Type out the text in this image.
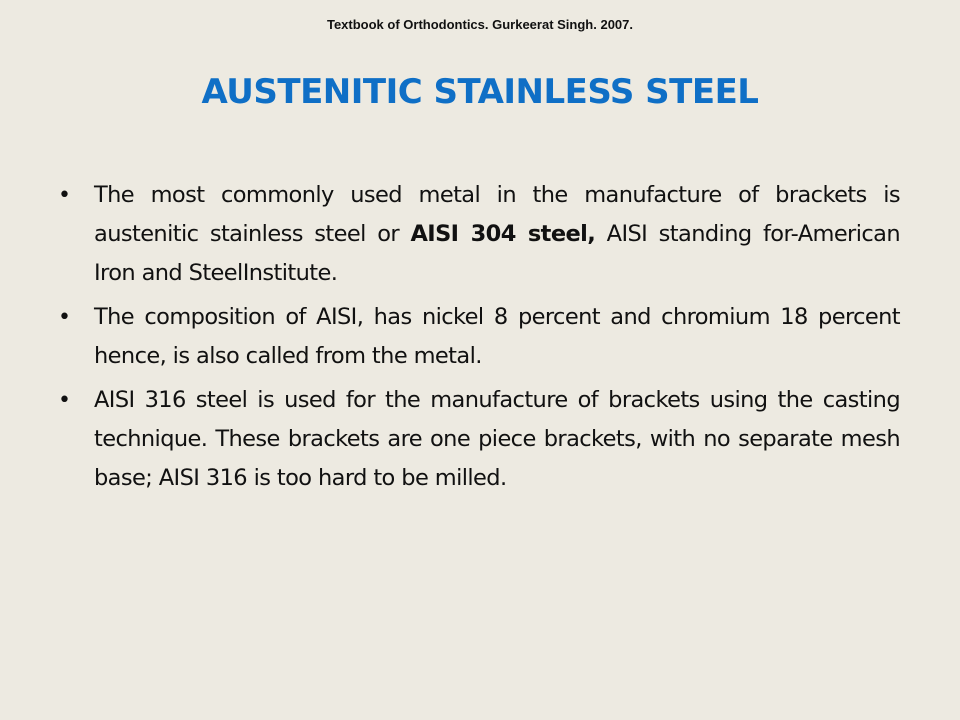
Textbook of Orthodontics. Gurkeerat Singh. 2007.
AUSTENITIC STAINLESS STEEL
• The most commonly used metal in the manufacture of brackets is austenitic stainless steel or AISI 304 steel, AISI standing for-American Iron and SteelInstitute.
• The composition of AISI, has nickel 8 percent and chromium 18 percent hence, is also called from the metal.
• AISI 316 steel is used for the manufacture of brackets using the casting technique. These brackets are one piece brackets, with no separate mesh base; AISI 316 is too hard to be milled.
